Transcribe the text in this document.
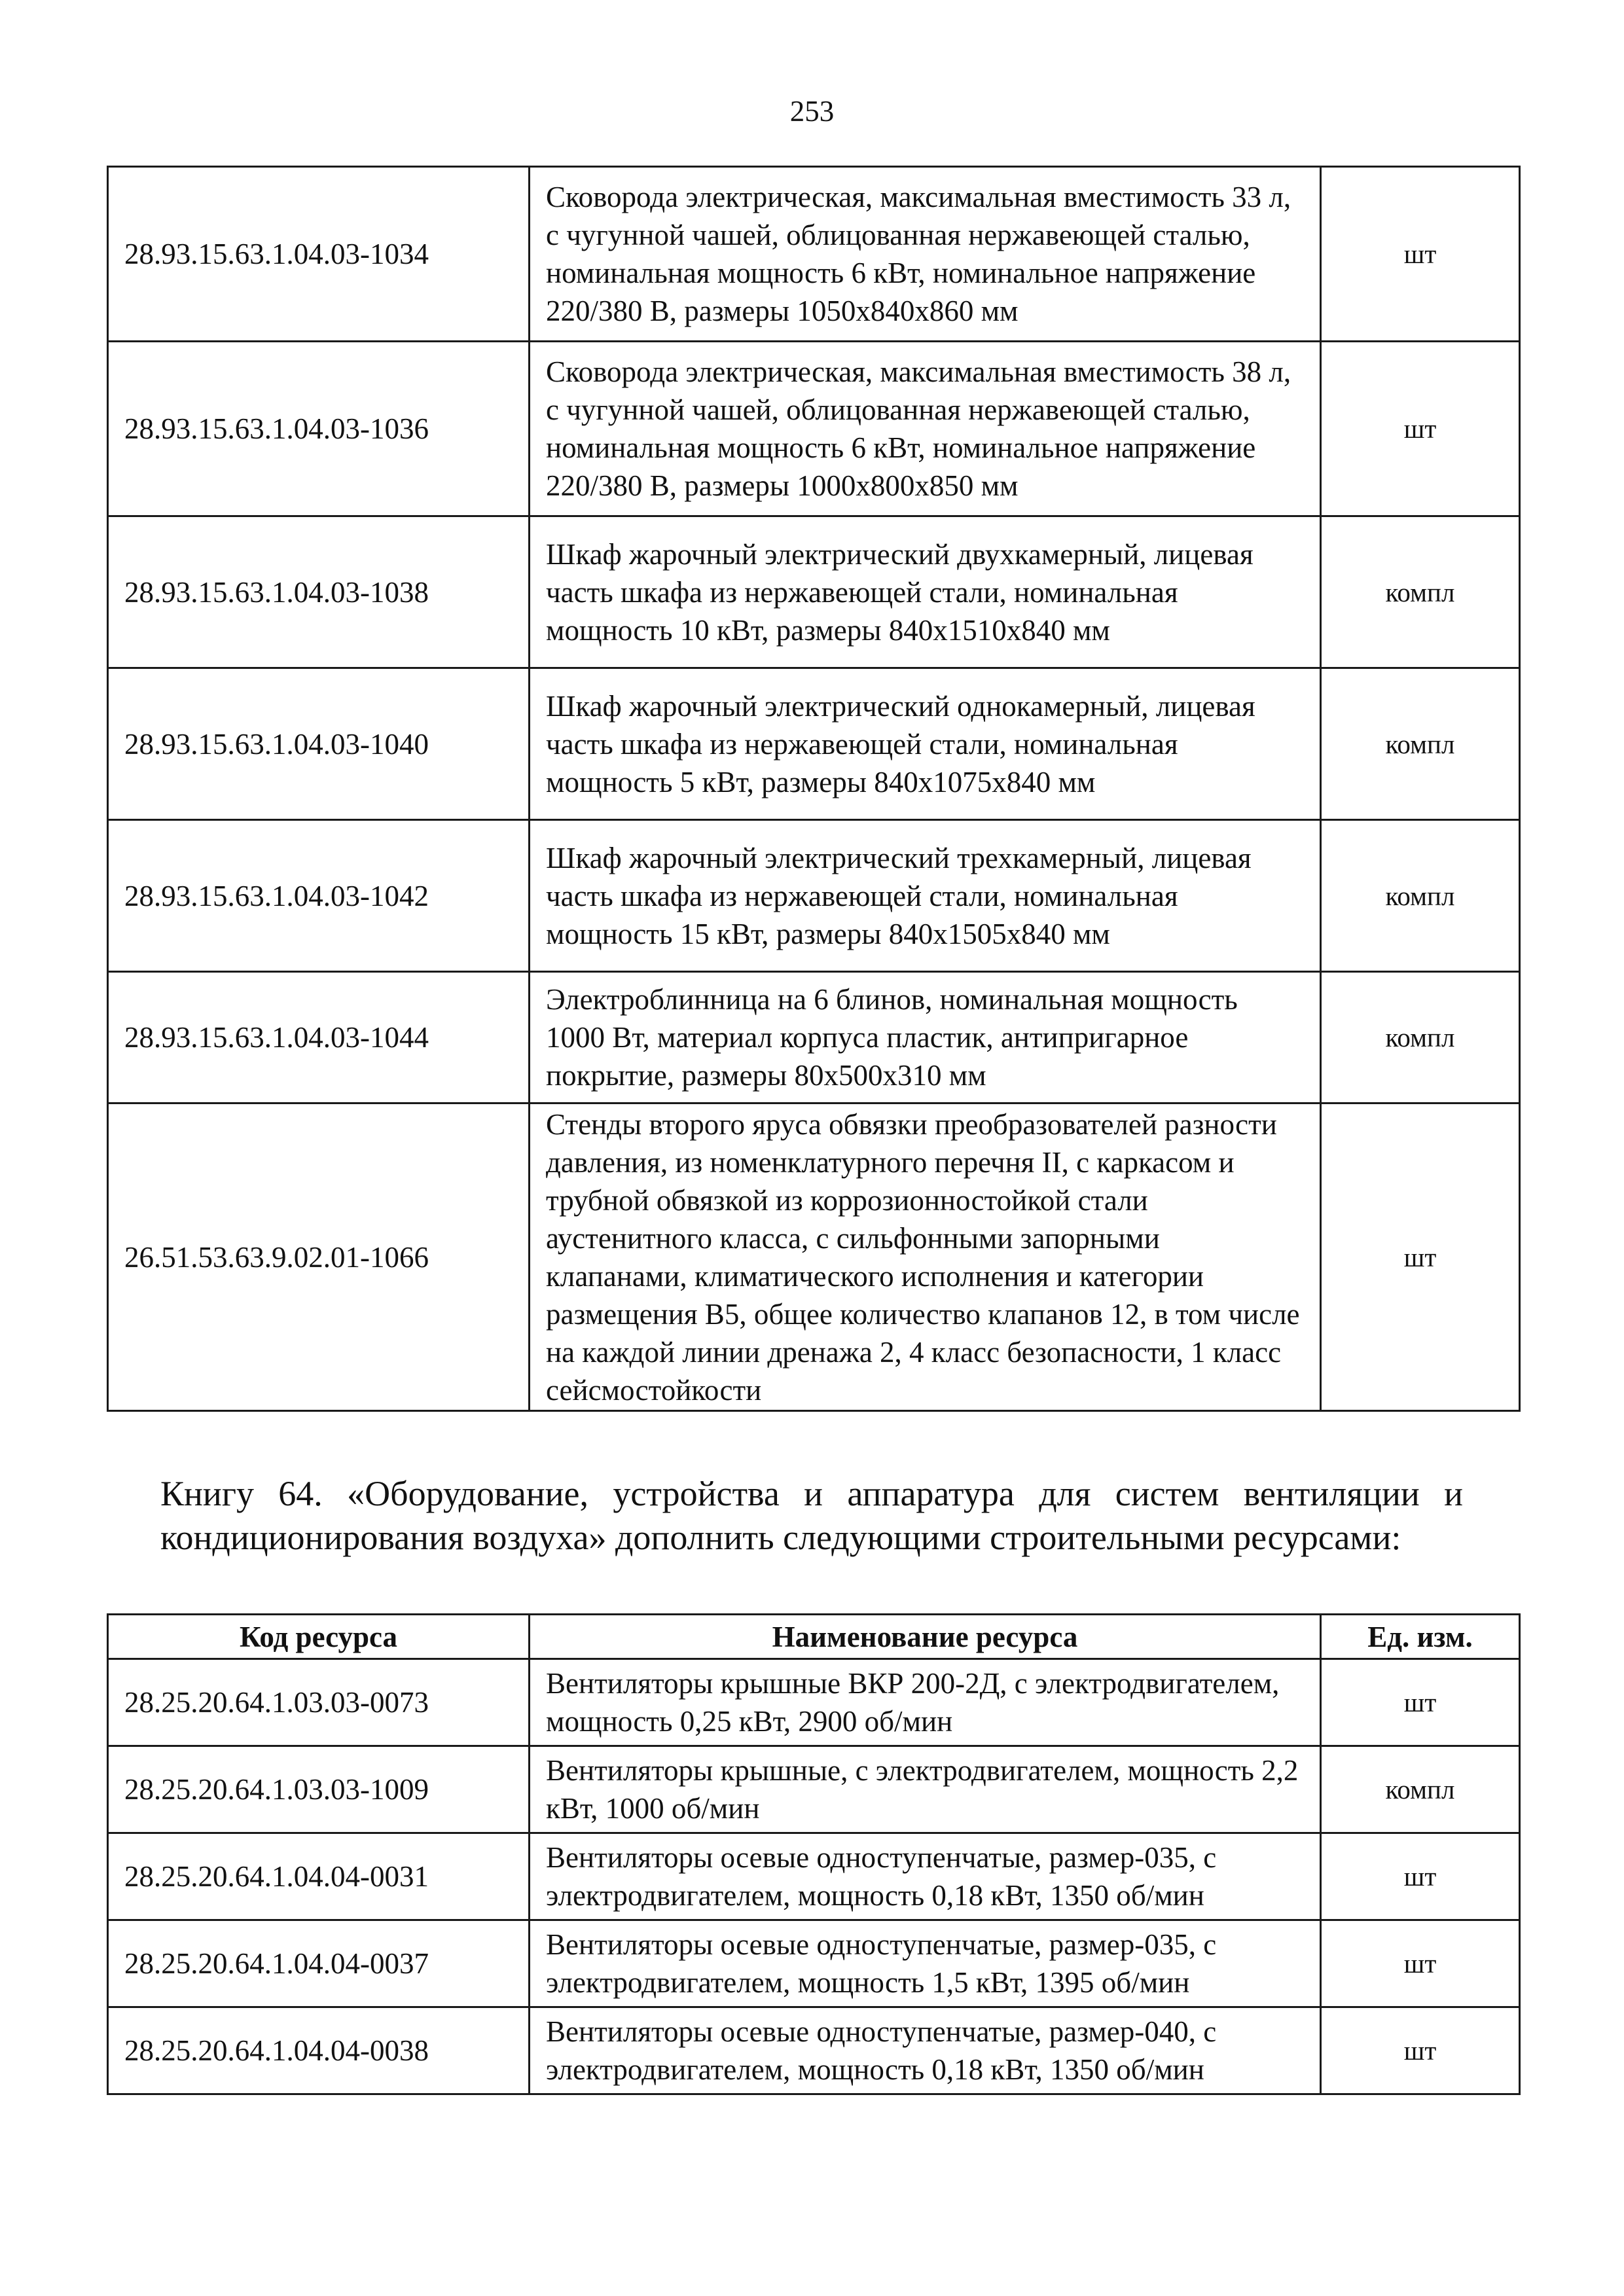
253
28.93.15.63.1.04.03-1034	Сковорода электрическая, максимальная вместимость 33 л, с чугунной чашей, облицованная нержавеющей сталью, номинальная мощность 6 кВт, номинальное напряжение 220/380 В, размеры 1050х840х860 мм	шт
28.93.15.63.1.04.03-1036	Сковорода электрическая, максимальная вместимость 38 л, с чугунной чашей, облицованная нержавеющей сталью, номинальная мощность 6 кВт, номинальное напряжение 220/380 В, размеры 1000х800х850 мм	шт
28.93.15.63.1.04.03-1038	Шкаф жарочный электрический двухкамерный, лицевая часть шкафа из нержавеющей стали, номинальная мощность 10 кВт, размеры 840х1510х840 мм	компл
28.93.15.63.1.04.03-1040	Шкаф жарочный электрический однокамерный, лицевая часть шкафа из нержавеющей стали, номинальная мощность 5 кВт, размеры 840х1075х840 мм	компл
28.93.15.63.1.04.03-1042	Шкаф жарочный электрический трехкамерный, лицевая часть шкафа из нержавеющей стали, номинальная мощность 15 кВт, размеры 840х1505х840 мм	компл
28.93.15.63.1.04.03-1044	Электроблинница на 6 блинов, номинальная мощность 1000 Вт, материал корпуса пластик, антипригарное покрытие, размеры 80х500х310 мм	компл
26.51.53.63.9.02.01-1066	Стенды второго яруса обвязки преобразователей разности давления, из номенклатурного перечня II, с каркасом и трубной обвязкой из коррозионностойкой стали аустенитного класса, с сильфонными запорными клапанами, климатического исполнения и категории размещения В5, общее количество клапанов 12, в том числе на каждой линии дренажа 2, 4 класс безопасности, 1 класс сейсмостойкости	шт

Книгу 64. «Оборудование, устройства и аппаратура для систем вентиляции и кондиционирования воздуха» дополнить следующими строительными ресурсами:

Код ресурса	Наименование ресурса	Ед. изм.
28.25.20.64.1.03.03-0073	Вентиляторы крышные ВКР 200-2Д, с электродвигателем, мощность 0,25 кВт, 2900 об/мин	шт
28.25.20.64.1.03.03-1009	Вентиляторы крышные, с электродвигателем, мощность 2,2 кВт, 1000 об/мин	компл
28.25.20.64.1.04.04-0031	Вентиляторы осевые одноступенчатые, размер-035, с электродвигателем, мощность 0,18 кВт, 1350 об/мин	шт
28.25.20.64.1.04.04-0037	Вентиляторы осевые одноступенчатые, размер-035, с электродвигателем, мощность 1,5 кВт, 1395 об/мин	шт
28.25.20.64.1.04.04-0038	Вентиляторы осевые одноступенчатые, размер-040, с электродвигателем, мощность 0,18 кВт, 1350 об/мин	шт
